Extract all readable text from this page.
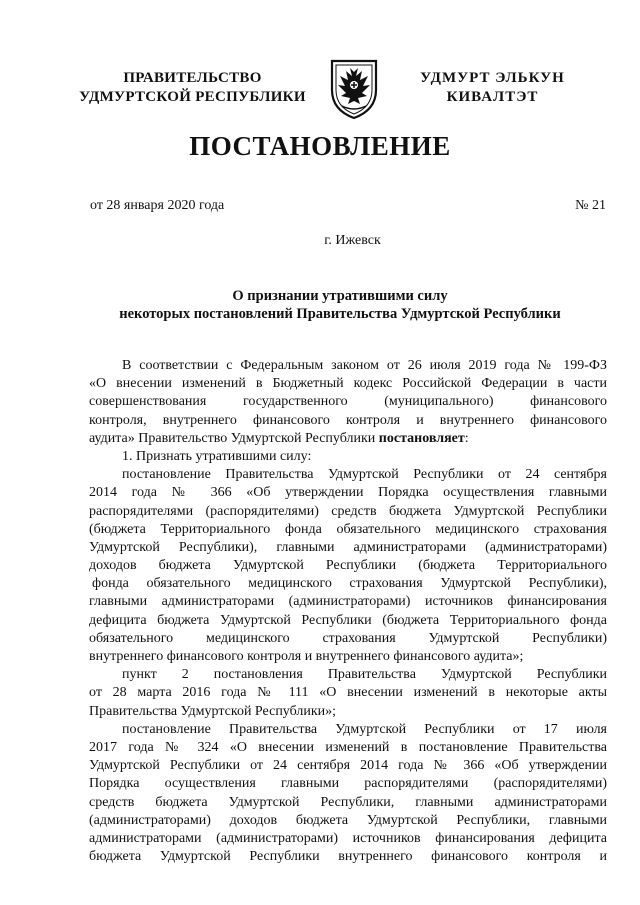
ПРАВИТЕЛЬСТВО
УДМУРТСКОЙ РЕСПУБЛИКИ
УДМУРТ ЭЛЬКУН
КИВАЛТЭТ
ПОСТАНОВЛЕНИЕ
от 28 января 2020 года	№ 21
г. Ижевск
О признании утратившими силу
некоторых постановлений Правительства Удмуртской Республики
В соответствии с Федеральным законом от 26 июля 2019 года № 199-ФЗ
«О внесении изменений в Бюджетный кодекс Российской Федерации в части
совершенствования государственного (муниципального) финансового
контроля, внутреннего финансового контроля и внутреннего финансового
аудита» Правительство Удмуртской Республики постановляет:
1. Признать утратившими силу:
постановление Правительства Удмуртской Республики от 24 сентября
2014 года № 366 «Об утверждении Порядка осуществления главными
распорядителями (распорядителями) средств бюджета Удмуртской Республики
(бюджета Территориального фонда обязательного медицинского страхования
Удмуртской Республики), главными администраторами (администраторами)
доходов бюджета Удмуртской Республики (бюджета Территориального
фонда обязательного медицинского страхования Удмуртской Республики),
главными администраторами (администраторами) источников финансирования
дефицита бюджета Удмуртской Республики (бюджета Территориального фонда
обязательного медицинского страхования Удмуртской Республики)
внутреннего финансового контроля и внутреннего финансового аудита»;
пункт 2 постановления Правительства Удмуртской Республики
от 28 марта 2016 года № 111 «О внесении изменений в некоторые акты
Правительства Удмуртской Республики»;
постановление Правительства Удмуртской Республики от 17 июля
2017 года № 324 «О внесении изменений в постановление Правительства
Удмуртской Республики от 24 сентября 2014 года № 366 «Об утверждении
Порядка осуществления главными распорядителями (распорядителями)
средств бюджета Удмуртской Республики, главными администраторами
(администраторами) доходов бюджета Удмуртской Республики, главными
администраторами (администраторами) источников финансирования дефицита
бюджета Удмуртской Республики внутреннего финансового контроля и
